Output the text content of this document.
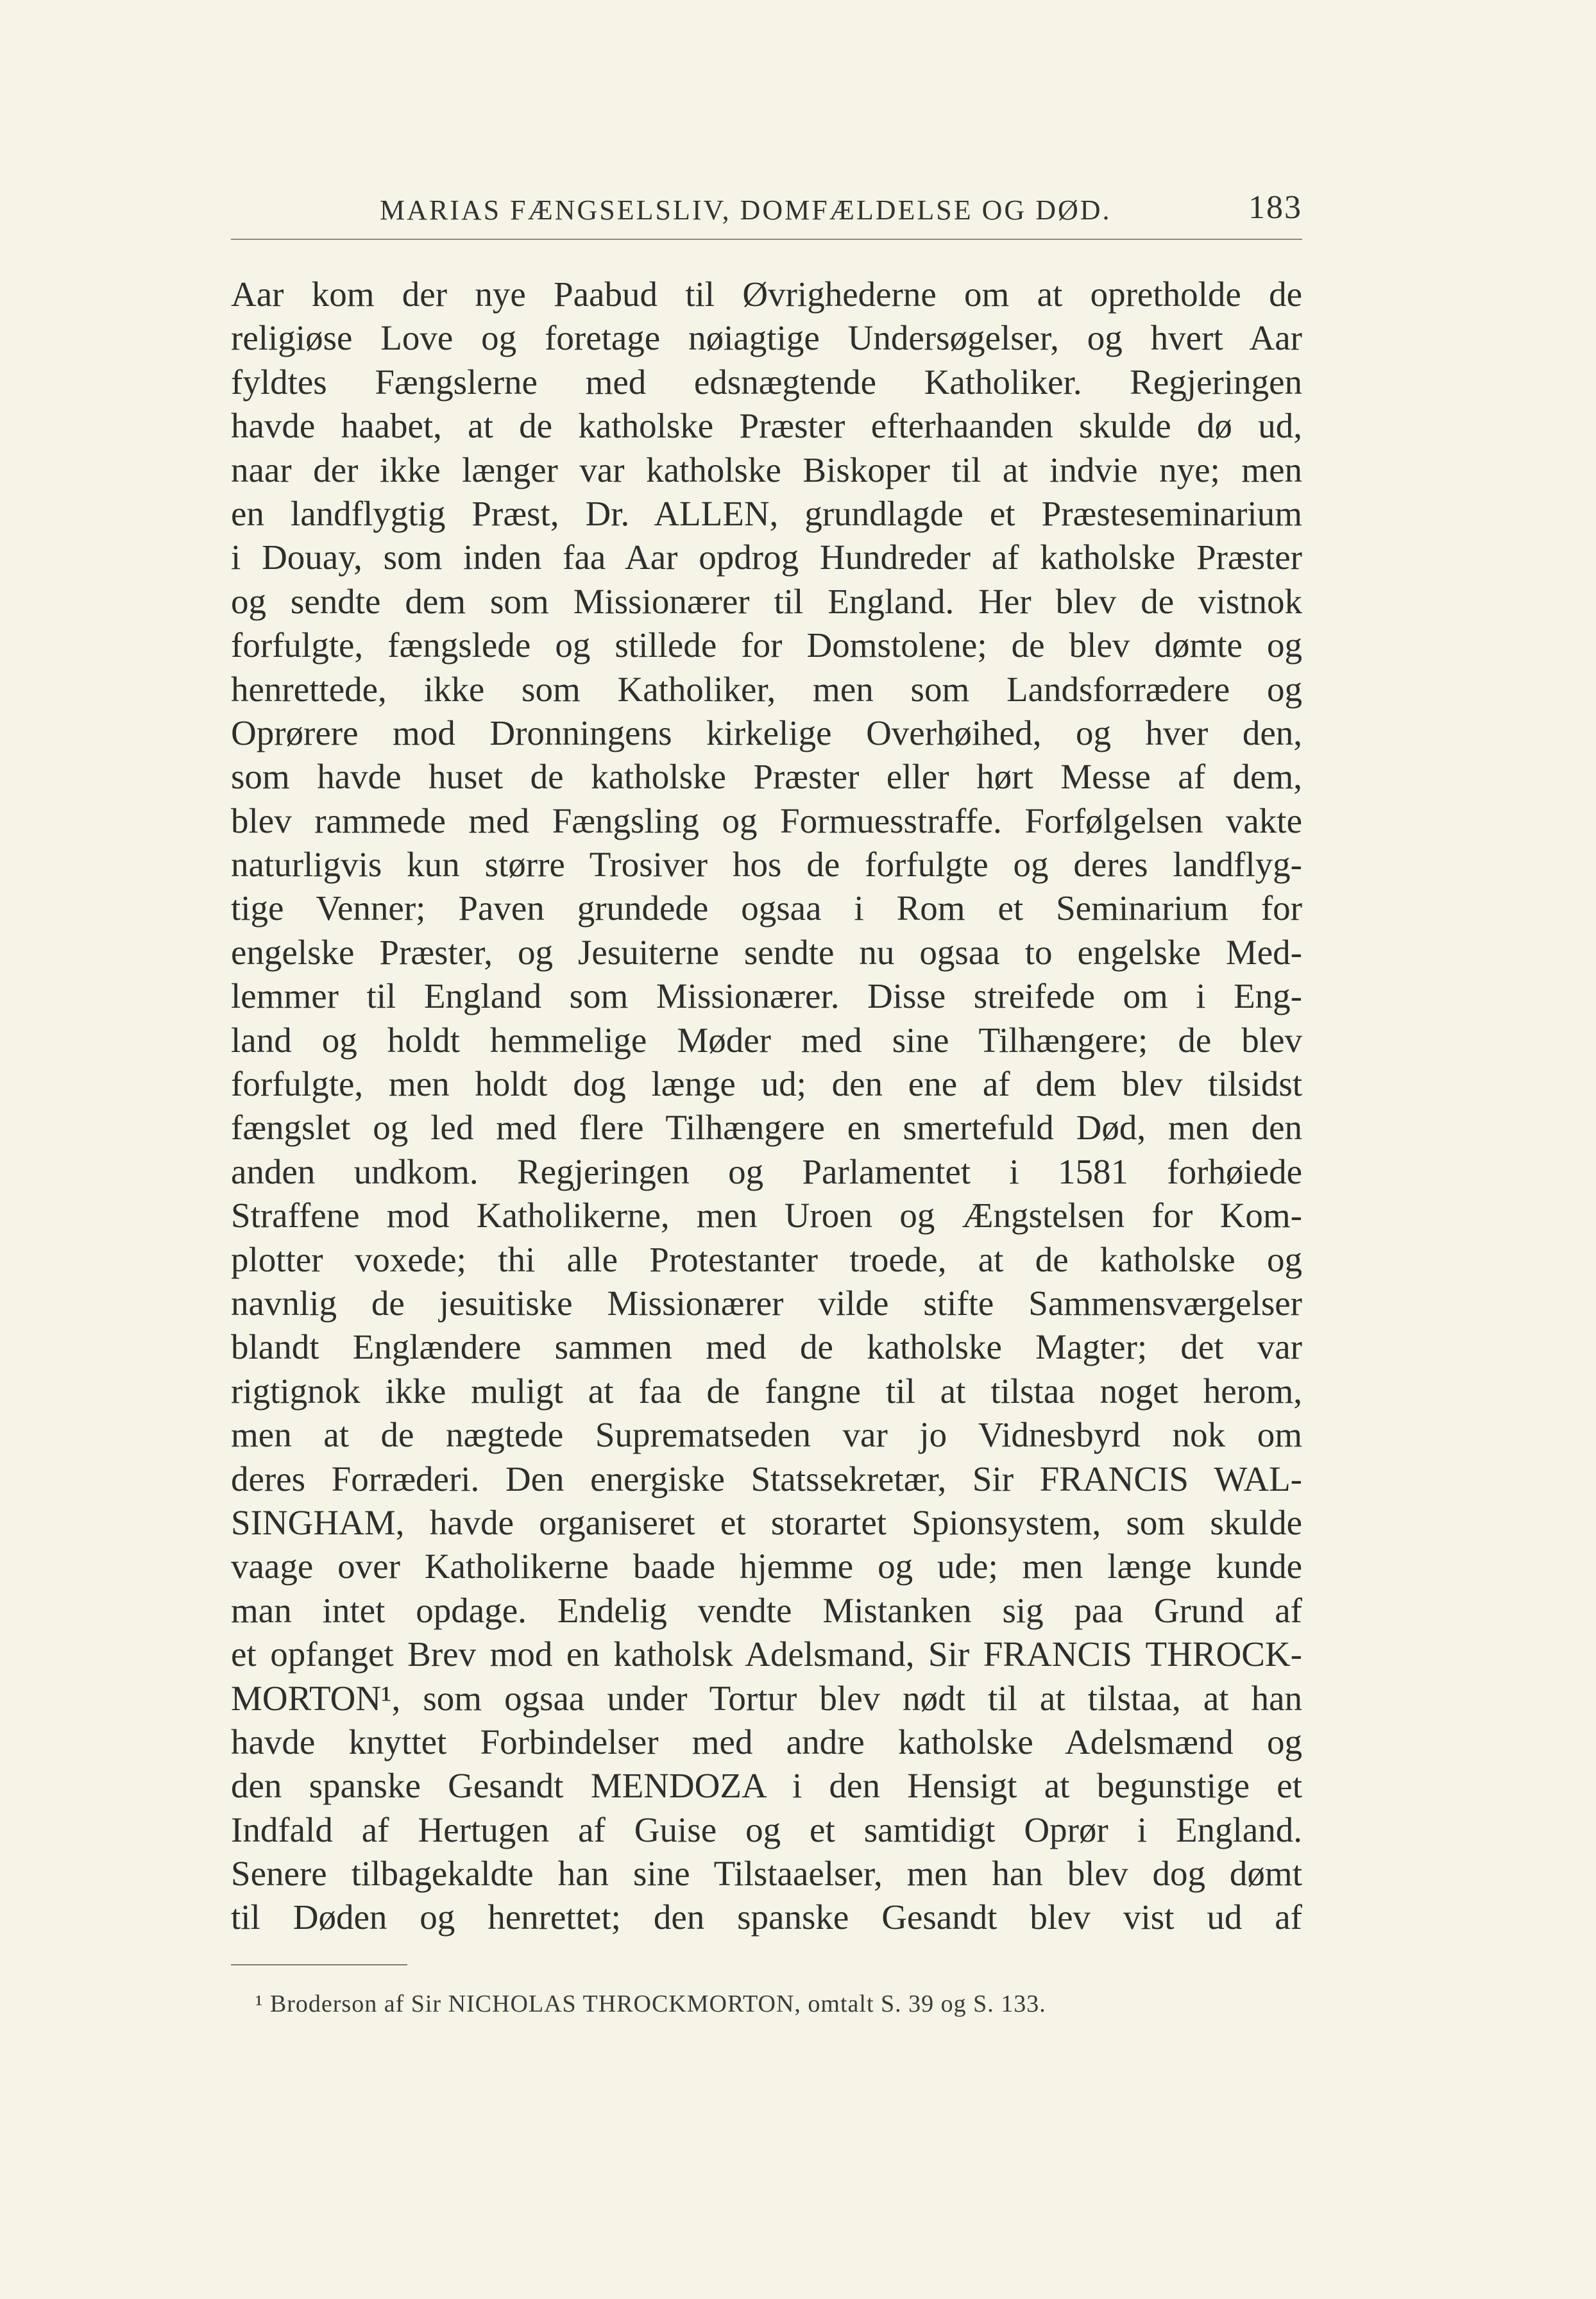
MARIAS FÆNGSELSLIV, DOMFÆLDELSE OG DØD.	183
Aar kom der nye Paabud til Øvrighederne om at opretholde de
religiøse Love og foretage nøiagtige Undersøgelser, og hvert Aar
fyldtes Fængslerne med edsnægtende Katholiker. Regjeringen
havde haabet, at de katholske Præster efterhaanden skulde dø ud,
naar der ikke længer var katholske Biskoper til at indvie nye; men
en landflygtig Præst, Dr. ALLEN, grundlagde et Præsteseminarium
i Douay, som inden faa Aar opdrog Hundreder af katholske Præster
og sendte dem som Missionærer til England. Her blev de vistnok
forfulgte, fængslede og stillede for Domstolene; de blev dømte og
henrettede, ikke som Katholiker, men som Landsforrædere og
Oprørere mod Dronningens kirkelige Overhøihed, og hver den,
som havde huset de katholske Præster eller hørt Messe af dem,
blev rammede med Fængsling og Formuesstraffe. Forfølgelsen vakte
naturligvis kun større Trosiver hos de forfulgte og deres landflyg-
tige Venner; Paven grundede ogsaa i Rom et Seminarium for
engelske Præster, og Jesuiterne sendte nu ogsaa to engelske Med-
lemmer til England som Missionærer. Disse streifede om i Eng-
land og holdt hemmelige Møder med sine Tilhængere; de blev
forfulgte, men holdt dog længe ud; den ene af dem blev tilsidst
fængslet og led med flere Tilhængere en smertefuld Død, men den
anden undkom. Regjeringen og Parlamentet i 1581 forhøiede
Straffene mod Katholikerne, men Uroen og Ængstelsen for Kom-
plotter voxede; thi alle Protestanter troede, at de katholske og
navnlig de jesuitiske Missionærer vilde stifte Sammensværgelser
blandt Englændere sammen med de katholske Magter; det var
rigtignok ikke muligt at faa de fangne til at tilstaa noget herom,
men at de nægtede Suprematseden var jo Vidnesbyrd nok om
deres Forræderi. Den energiske Statssekretær, Sir FRANCIS WAL-
SINGHAM, havde organiseret et storartet Spionsystem, som skulde
vaage over Katholikerne baade hjemme og ude; men længe kunde
man intet opdage. Endelig vendte Mistanken sig paa Grund af
et opfanget Brev mod en katholsk Adelsmand, Sir FRANCIS THROCK-
MORTON¹, som ogsaa under Tortur blev nødt til at tilstaa, at han
havde knyttet Forbindelser med andre katholske Adelsmænd og
den spanske Gesandt MENDOZA i den Hensigt at begunstige et
Indfald af Hertugen af Guise og et samtidigt Oprør i England.
Senere tilbagekaldte han sine Tilstaaelser, men han blev dog dømt
til Døden og henrettet; den spanske Gesandt blev vist ud af
¹ Broderson af Sir NICHOLAS THROCKMORTON, omtalt S. 39 og S. 133.
